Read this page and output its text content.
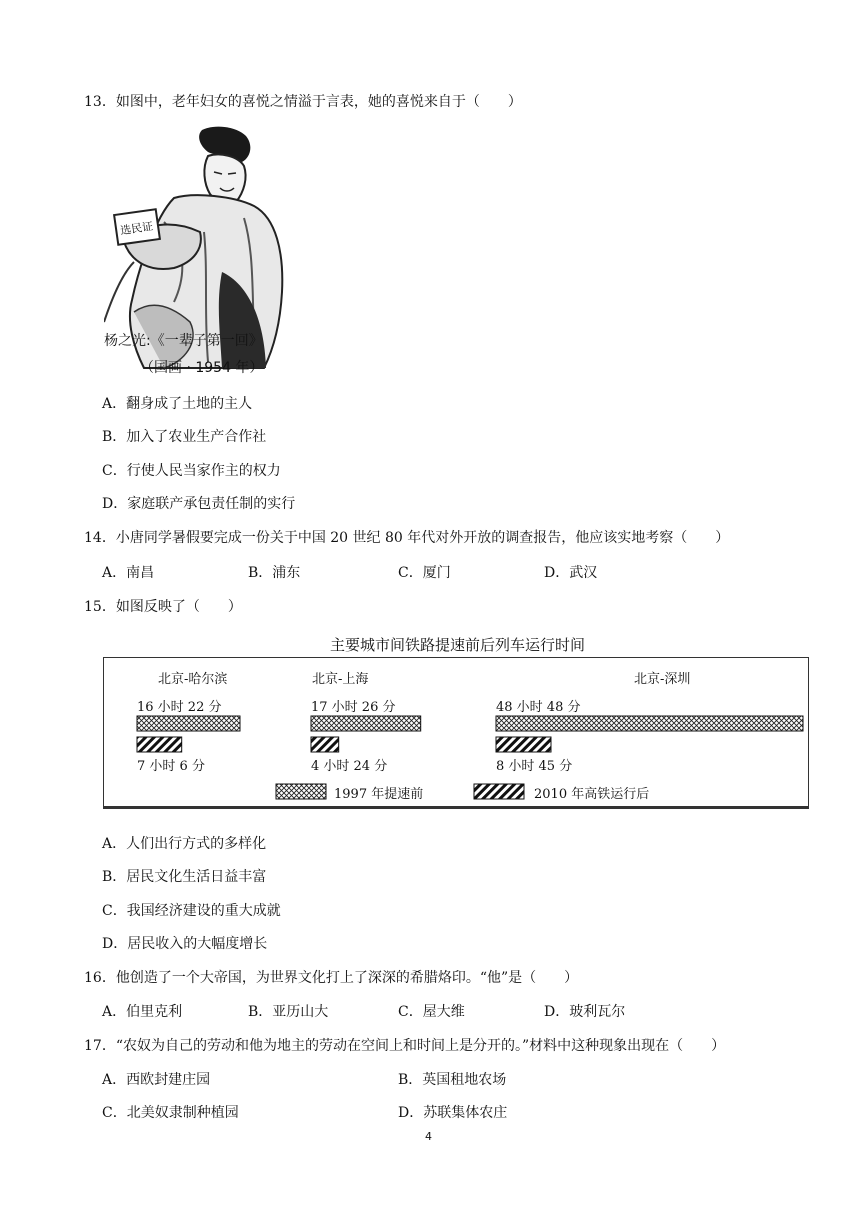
13．如图中，老年妇女的喜悦之情溢于言表，她的喜悦来自于（　　）
选民证
杨之光:《一辈子第一回》
（国画 · 1954 年）
A．翻身成了土地的主人
B．加入了农业生产合作社
C．行使人民当家作主的权力
D．家庭联产承包责任制的实行
14．小唐同学暑假要完成一份关于中国 20 世纪 80 年代对外开放的调查报告，他应该实地考察（　　）
A．南昌	B．浦东	C．厦门	D．武汉
15．如图反映了（　　）
主要城市间铁路提速前后列车运行时间
北京-哈尔滨	北京-上海	北京-深圳
16 小时 22 分	17 小时 26 分	48 小时 48 分
7 小时 6 分	4 小时 24 分	8 小时 45 分
1997 年提速前	2010 年高铁运行后
A．人们出行方式的多样化
B．居民文化生活日益丰富
C．我国经济建设的重大成就
D．居民收入的大幅度增长
16．他创造了一个大帝国，为世界文化打上了深深的希腊烙印。“他”是（　　）
A．伯里克利	B．亚历山大	C．屋大维	D．玻利瓦尔
17．“农奴为自己的劳动和他为地主的劳动在空间上和时间上是分开的。”材料中这种现象出现在（　　）
A．西欧封建庄园	B．英国租地农场
C．北美奴隶制种植园	D．苏联集体农庄
4
